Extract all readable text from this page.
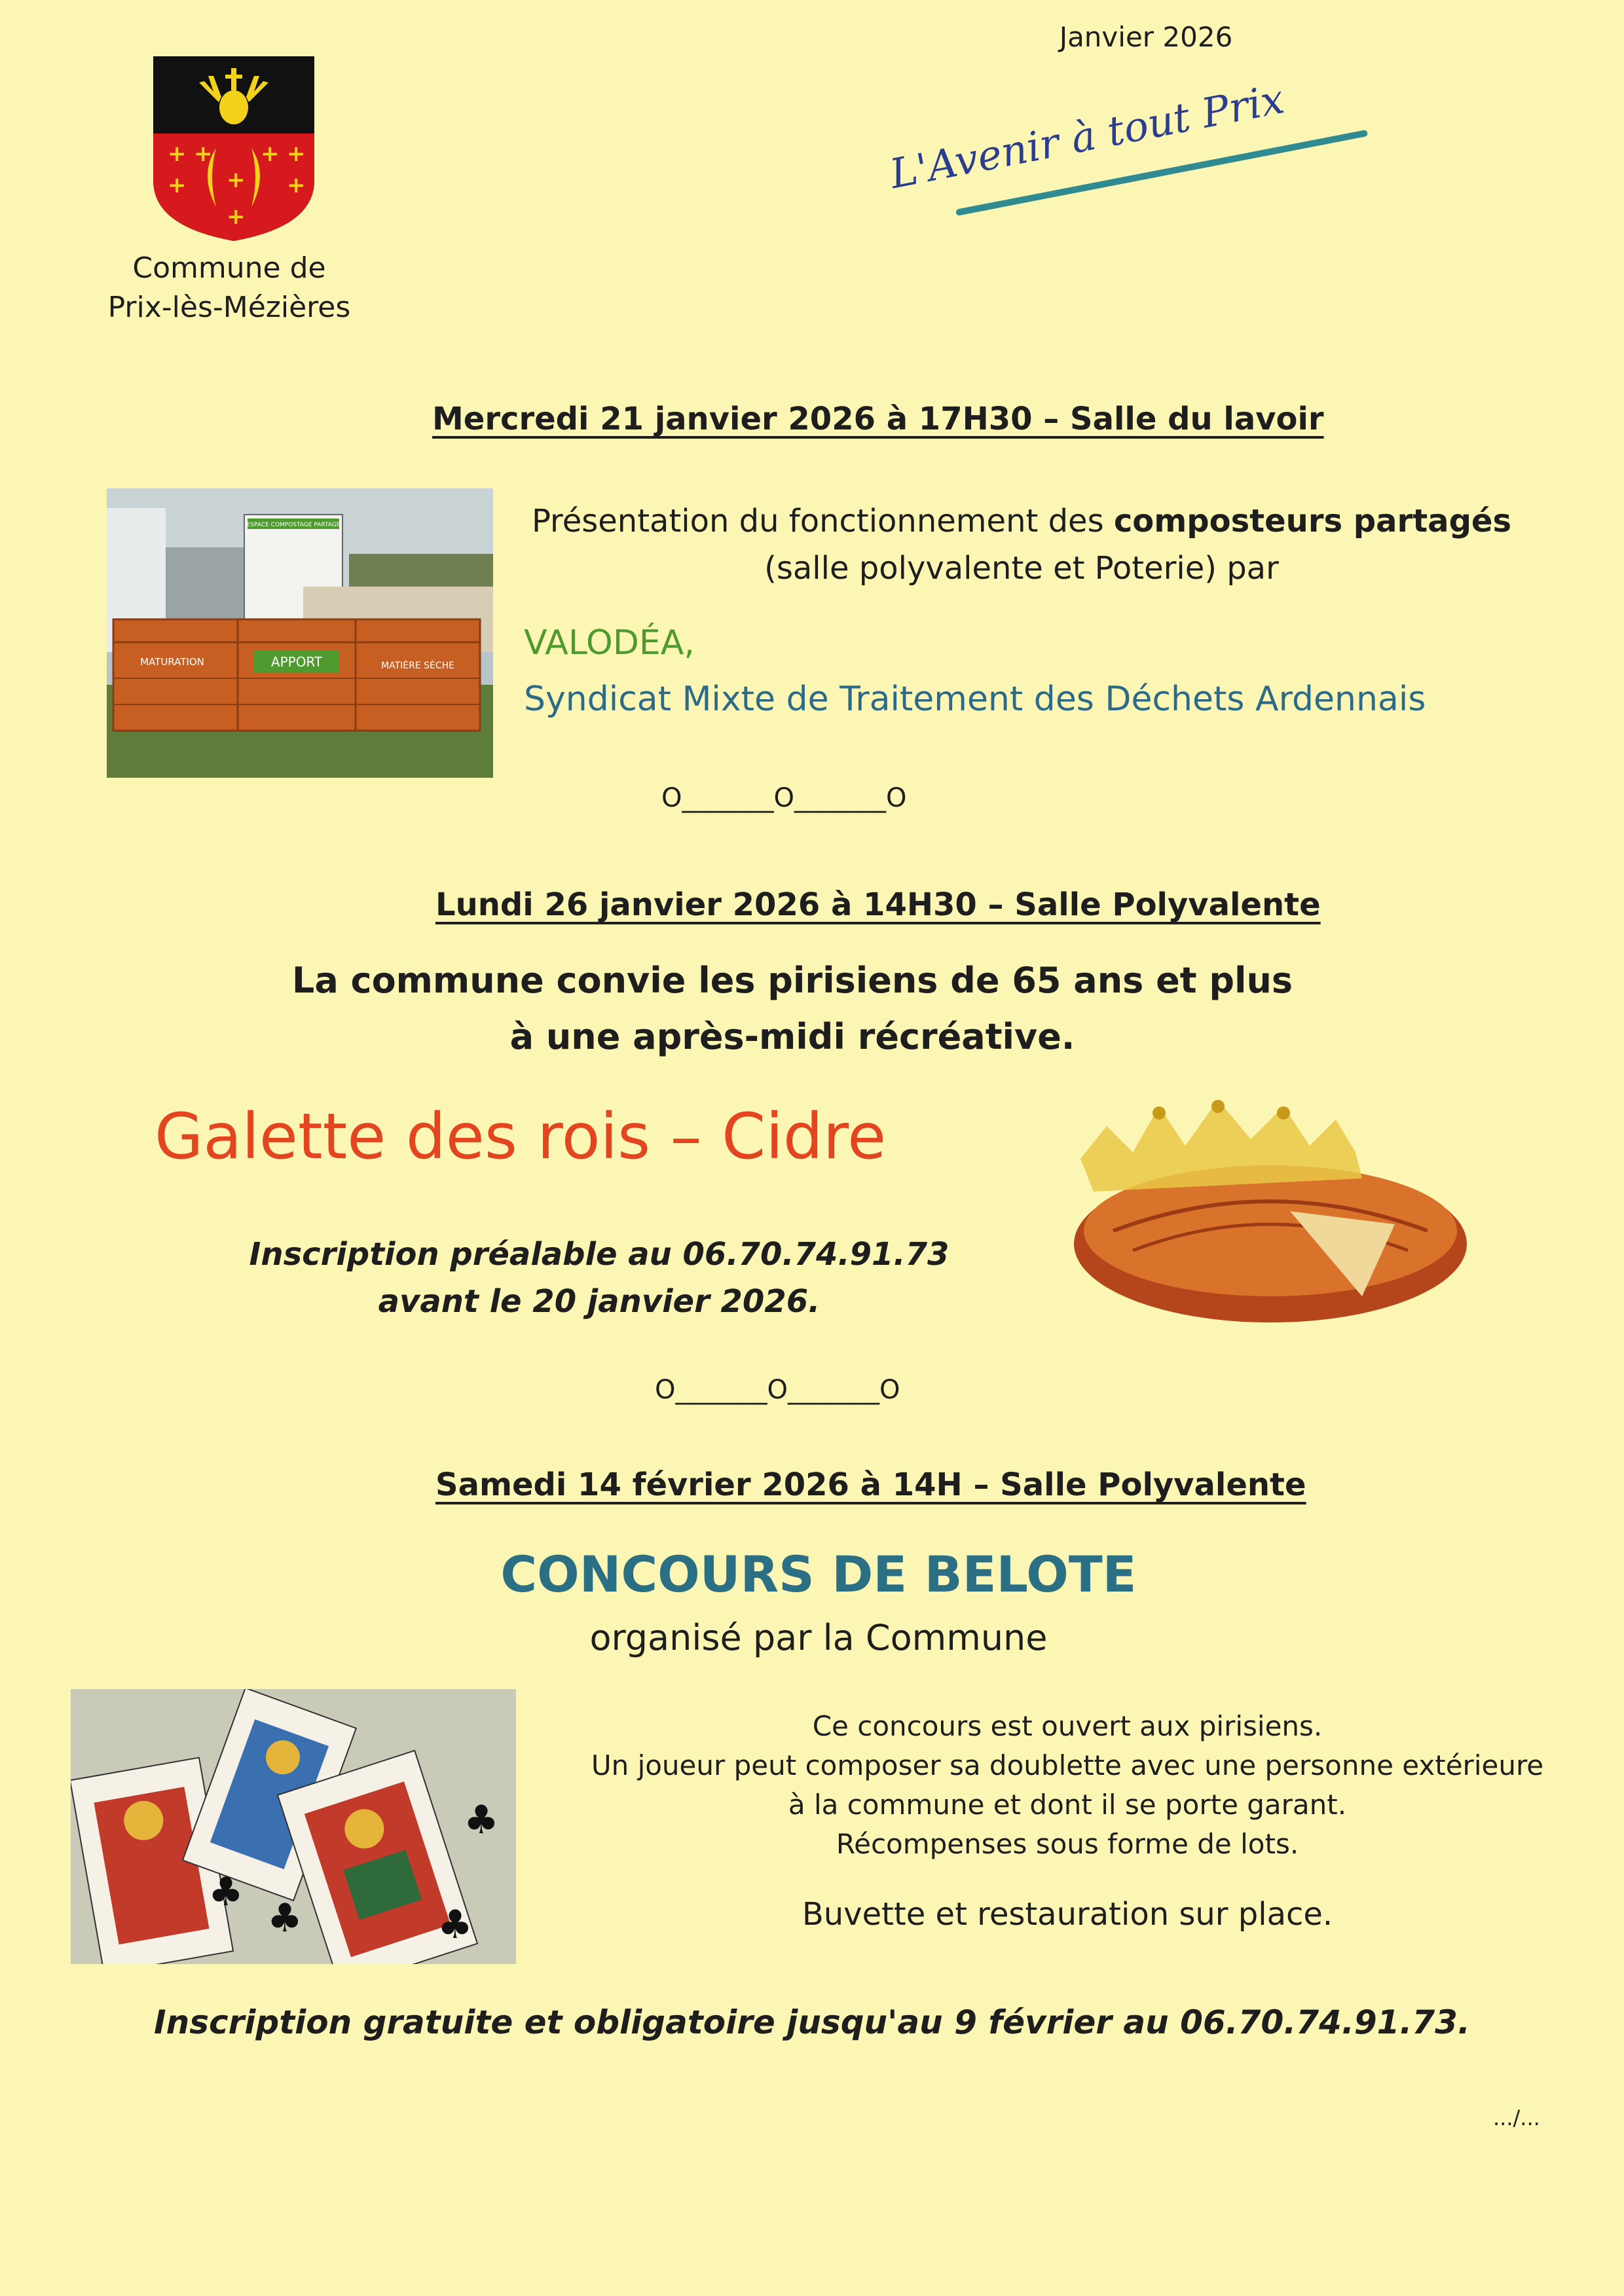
Janvier 2026
+ + + +
+	+
+
+
Commune de
Prix-lès-Mézières
L'Avenir à tout Prix
Mercredi 21 janvier 2026 à 17H30 – Salle du lavoir
ESPACE COMPOSTAGE PARTAGÉ
MATURATION	APPORT	MATIÈRE SÈCHE
Présentation du fonctionnement des composteurs partagés
(salle polyvalente et Poterie) par
VALODÉA,
Syndicat Mixte de Traitement des Déchets Ardennais
O_______O_______O
Lundi 26 janvier 2026 à 14H30 – Salle Polyvalente
La commune convie les pirisiens de 65 ans et plus
à une après-midi récréative.
Galette des rois – Cidre
Inscription préalable au 06.70.74.91.73
avant le 20 janvier 2026.
O_______O_______O
Samedi 14 février 2026 à 14H – Salle Polyvalente
CONCOURS DE BELOTE
organisé par la Commune
♣
♣	♣
♣
Ce concours est ouvert aux pirisiens.
Un joueur peut composer sa doublette avec une personne extérieure
à la commune et dont il se porte garant.
Récompenses sous forme de lots.
Buvette et restauration sur place.
Inscription gratuite et obligatoire jusqu'au 9 février au 06.70.74.91.73.
.../...
